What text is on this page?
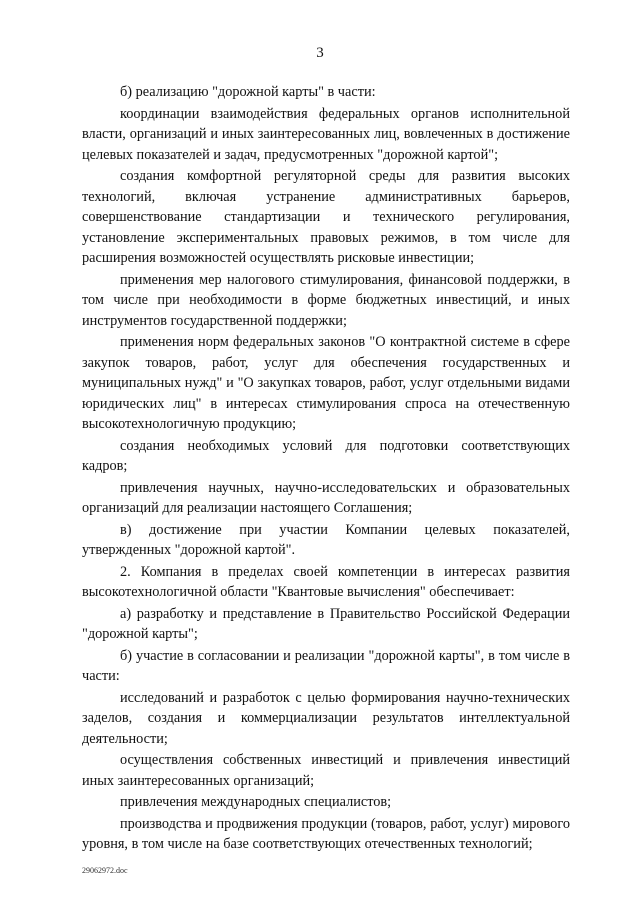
3

б) реализацию "дорожной карты" в части:

координации взаимодействия федеральных органов исполнительной власти, организаций и иных заинтересованных лиц, вовлеченных в достижение целевых показателей и задач, предусмотренных "дорожной картой";

создания комфортной регуляторной среды для развития высоких технологий, включая устранение административных барьеров, совершенствование стандартизации и технического регулирования, установление экспериментальных правовых режимов, в том числе для расширения возможностей осуществлять рисковые инвестиции;

применения мер налогового стимулирования, финансовой поддержки, в том числе при необходимости в форме бюджетных инвестиций, и иных инструментов государственной поддержки;

применения норм федеральных законов "О контрактной системе в сфере закупок товаров, работ, услуг для обеспечения государственных и муниципальных нужд" и "О закупках товаров, работ, услуг отдельными видами юридических лиц" в интересах стимулирования спроса на отечественную высокотехнологичную продукцию;

создания необходимых условий для подготовки соответствующих кадров;

привлечения научных, научно-исследовательских и образовательных организаций для реализации настоящего Соглашения;

в) достижение при участии Компании целевых показателей, утвержденных "дорожной картой".

2. Компания в пределах своей компетенции в интересах развития высокотехнологичной области "Квантовые вычисления" обеспечивает:

а) разработку и представление в Правительство Российской Федерации "дорожной карты";

б) участие в согласовании и реализации "дорожной карты", в том числе в части:

исследований и разработок с целью формирования научно-технических заделов, создания и коммерциализации результатов интеллектуальной деятельности;

осуществления собственных инвестиций и привлечения инвестиций иных заинтересованных организаций;

привлечения международных специалистов;

производства и продвижения продукции (товаров, работ, услуг) мирового уровня, в том числе на базе соответствующих отечественных технологий;

29062972.doc
